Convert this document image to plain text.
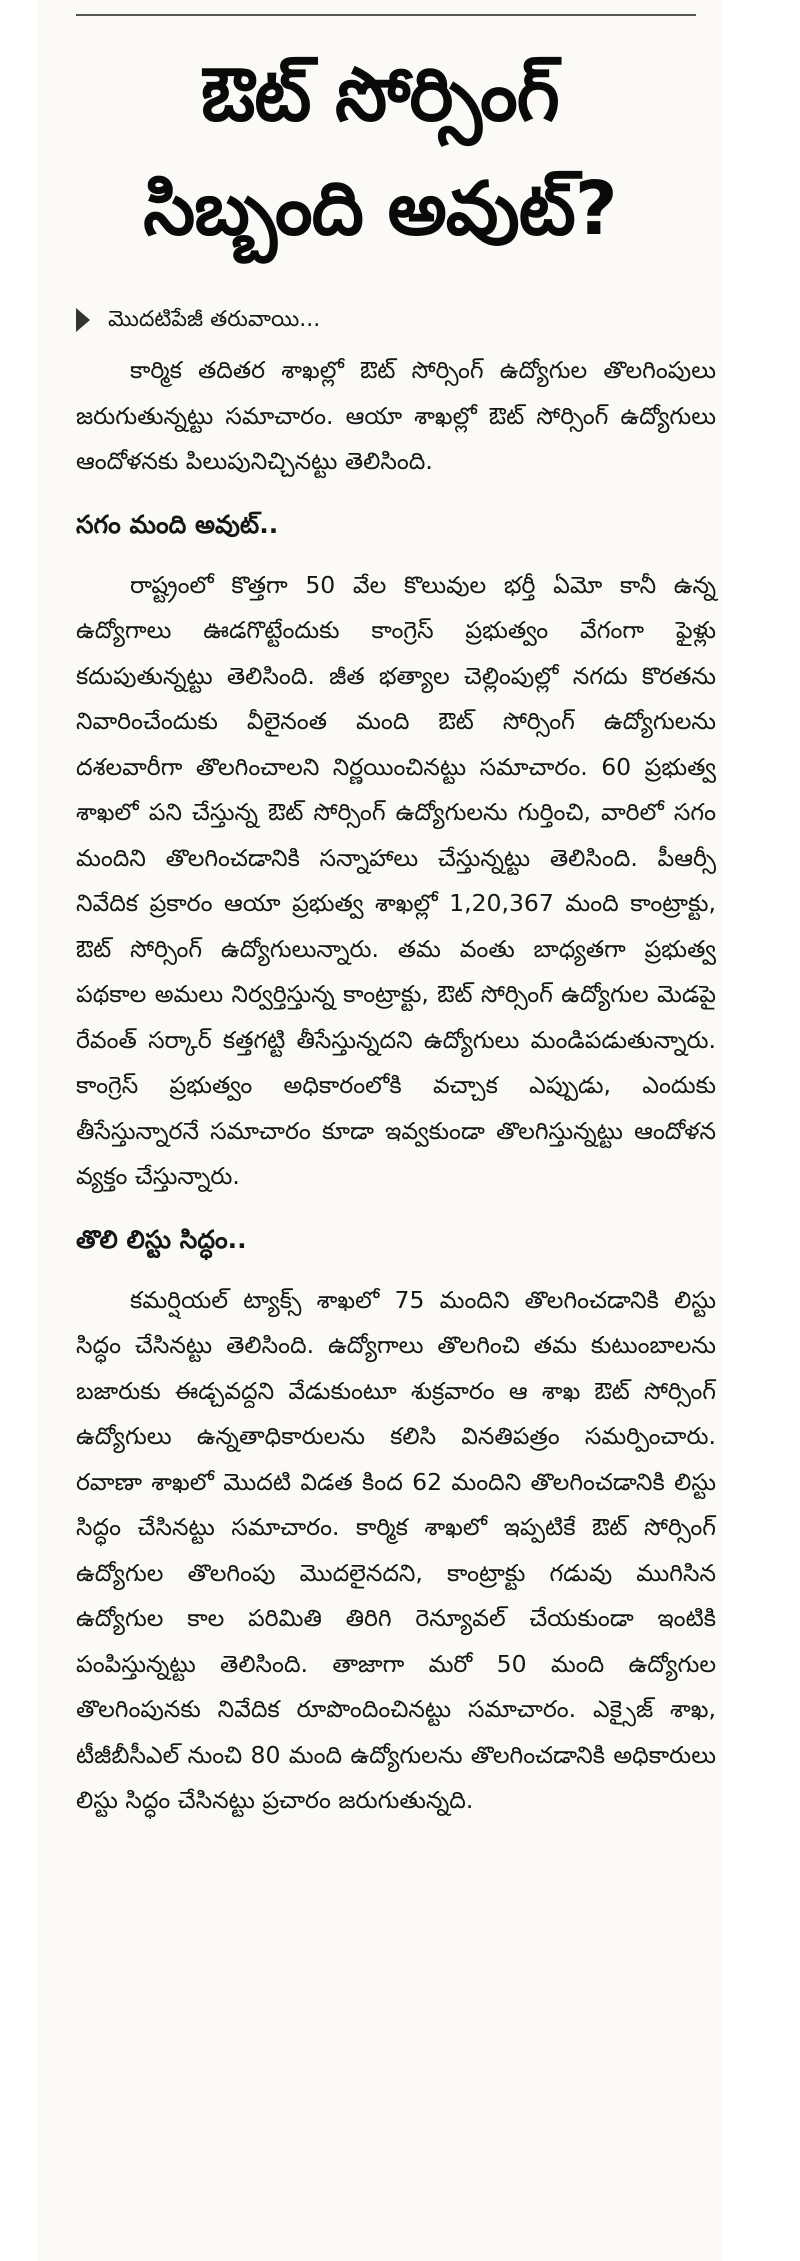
ఔట్ సోర్సింగ్
సిబ్బంది అవుట్?
మొదటిపేజీ తరువాయి...

కార్మిక తదితర శాఖల్లో ఔట్ సోర్సింగ్ ఉద్యోగుల తొలగింపులు జరుగుతున్నట్టు సమాచారం. ఆయా శాఖల్లో ఔట్ సోర్సింగ్ ఉద్యోగులు ఆందోళనకు పిలుపునిచ్చినట్టు తెలిసింది.

సగం మంది అవుట్..

రాష్ట్రంలో కొత్తగా 50 వేల కొలువుల భర్తీ ఏమో కానీ ఉన్న ఉద్యోగాలు ఊడగొట్టేందుకు కాంగ్రెస్ ప్రభుత్వం వేగంగా ఫైళ్లు కదుపుతున్నట్టు తెలిసింది. జీత భత్యాల చెల్లింపుల్లో నగదు కొరతను నివారించేందుకు వీలైనంత మంది ఔట్ సోర్సింగ్ ఉద్యోగులను దశలవారీగా తొలగించాలని నిర్ణయించినట్టు సమాచారం. 60 ప్రభుత్వ శాఖలో పని చేస్తున్న ఔట్ సోర్సింగ్ ఉద్యోగులను గుర్తించి, వారిలో సగం మందిని తొలగించడానికి సన్నాహాలు చేస్తున్నట్టు తెలిసింది. పీఆర్సీ నివేదిక ప్రకారం ఆయా ప్రభుత్వ శాఖల్లో 1,20,367 మంది కాంట్రాక్టు, ఔట్ సోర్సింగ్ ఉద్యోగులున్నారు. తమ వంతు బాధ్యతగా ప్రభుత్వ పథకాల అమలు నిర్వర్తిస్తున్న కాంట్రాక్టు, ఔట్ సోర్సింగ్ ఉద్యోగుల మెడపై రేవంత్ సర్కార్ కత్తగట్టి తీసేస్తున్నదని ఉద్యోగులు మండిపడుతున్నారు. కాంగ్రెస్ ప్రభుత్వం అధికారంలోకి వచ్చాక ఎప్పుడు, ఎందుకు తీసేస్తున్నారనే సమాచారం కూడా ఇవ్వకుండా తొలగిస్తున్నట్టు ఆందోళన వ్యక్తం చేస్తున్నారు.

తొలి లిస్టు సిద్ధం..

కమర్షియల్ ట్యాక్స్ శాఖలో 75 మందిని తొలగించడానికి లిస్టు సిద్ధం చేసినట్టు తెలిసింది. ఉద్యోగాలు తొలగించి తమ కుటుంబాలను బజారుకు ఈడ్చవద్దని వేడుకుంటూ శుక్రవారం ఆ శాఖ ఔట్ సోర్సింగ్ ఉద్యోగులు ఉన్నతాధికారులను కలిసి వినతిపత్రం సమర్పించారు. రవాణా శాఖలో మొదటి విడత కింద 62 మందిని తొలగించడానికి లిస్టు సిద్ధం చేసినట్టు సమాచారం. కార్మిక శాఖలో ఇప్పటికే ఔట్ సోర్సింగ్ ఉద్యోగుల తొలగింపు మొదలైనదని, కాంట్రాక్టు గడువు ముగిసిన ఉద్యోగుల కాల పరిమితి తిరిగి రెన్యూవల్ చేయకుండా ఇంటికి పంపిస్తున్నట్టు తెలిసింది. తాజాగా మరో 50 మంది ఉద్యోగుల తొలగింపునకు నివేదిక రూపొందించినట్టు సమాచారం. ఎక్సైజ్ శాఖ, టీజీబీసీఎల్ నుంచి 80 మంది ఉద్యోగులను తొలగించడానికి అధికారులు లిస్టు సిద్ధం చేసినట్టు ప్రచారం జరుగుతున్నది.
